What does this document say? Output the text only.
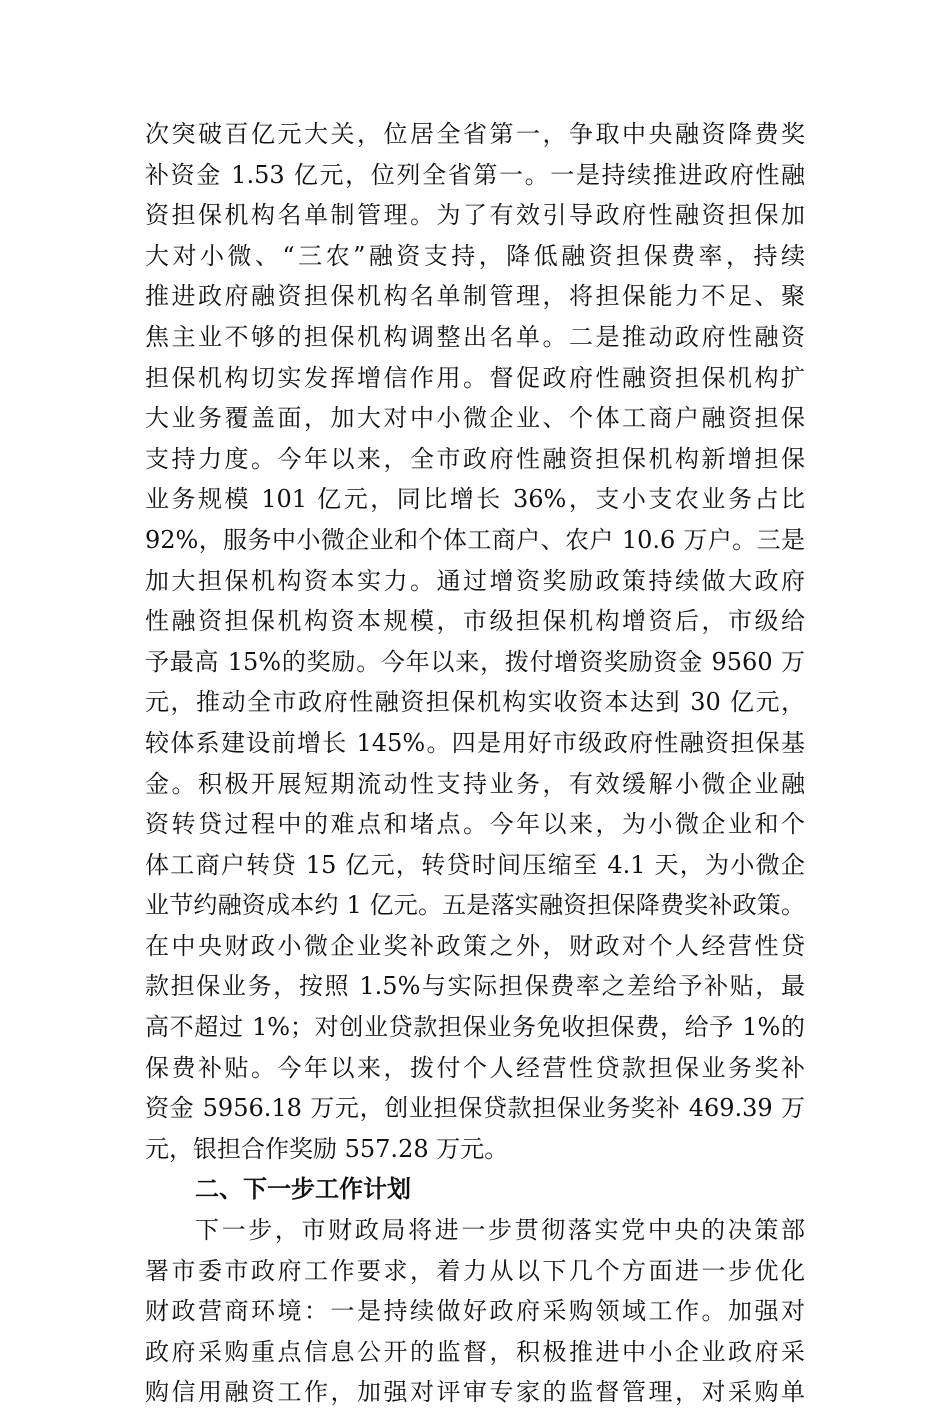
次突破百亿元大关，位居全省第一，争取中央融资降费奖
补资金 1.53 亿元，位列全省第一。一是持续推进政府性融
资担保机构名单制管理。为了有效引导政府性融资担保加
大对小微、“三农”融资支持，降低融资担保费率，持续
推进政府融资担保机构名单制管理，将担保能力不足、聚
焦主业不够的担保机构调整出名单。二是推动政府性融资
担保机构切实发挥增信作用。督促政府性融资担保机构扩
大业务覆盖面，加大对中小微企业、个体工商户融资担保
支持力度。今年以来，全市政府性融资担保机构新增担保
业务规模 101 亿元，同比增长 36%，支小支农业务占比
92%，服务中小微企业和个体工商户、农户 10.6 万户。三是
加大担保机构资本实力。通过增资奖励政策持续做大政府
性融资担保机构资本规模，市级担保机构增资后，市级给
予最高 15%的奖励。今年以来，拨付增资奖励资金 9560 万
元，推动全市政府性融资担保机构实收资本达到 30 亿元，
较体系建设前增长 145%。四是用好市级政府性融资担保基
金。积极开展短期流动性支持业务，有效缓解小微企业融
资转贷过程中的难点和堵点。今年以来，为小微企业和个
体工商户转贷 15 亿元，转贷时间压缩至 4.1 天，为小微企
业节约融资成本约 1 亿元。五是落实融资担保降费奖补政策。
在中央财政小微企业奖补政策之外，财政对个人经营性贷
款担保业务，按照 1.5%与实际担保费率之差给予补贴，最
高不超过 1%；对创业贷款担保业务免收担保费，给予 1%的
保费补贴。今年以来，拨付个人经营性贷款担保业务奖补
资金 5956.18 万元，创业担保贷款担保业务奖补 469.39 万
元，银担合作奖励 557.28 万元。
二、下一步工作计划
下一步，市财政局将进一步贯彻落实党中央的决策部
署市委市政府工作要求，着力从以下几个方面进一步优化
财政营商环境：一是持续做好政府采购领域工作。加强对
政府采购重点信息公开的监督，积极推进中小企业政府采
购信用融资工作，加强对评审专家的监督管理，对采购单
